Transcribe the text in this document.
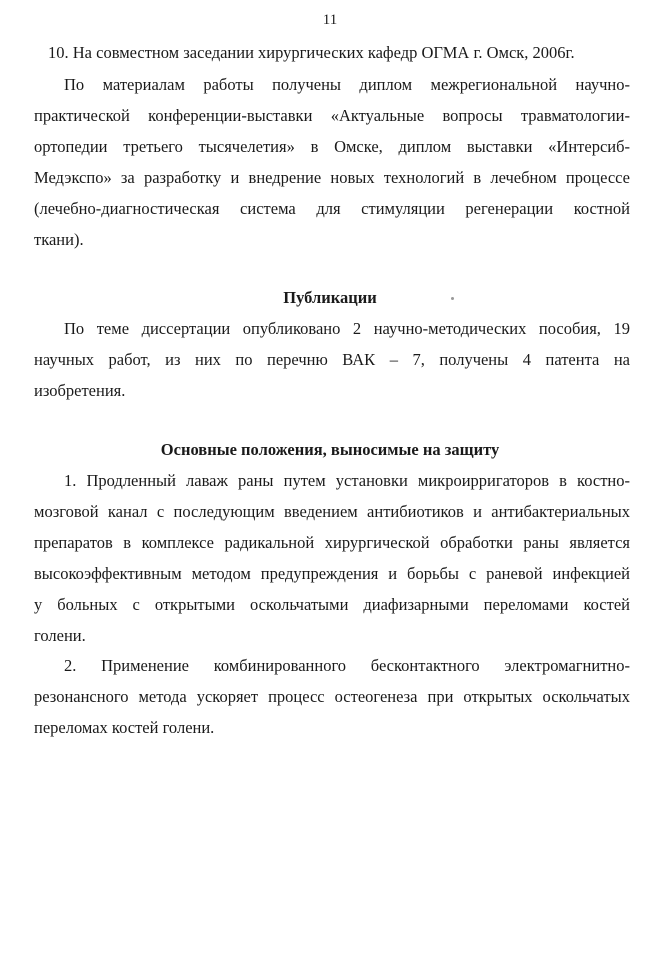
11
10. На совместном заседании хирургических кафедр ОГМА г. Омск, 2006г.
По материалам работы получены диплом межрегиональной научно-
практической конференции-выставки «Актуальные вопросы травматологии-
ортопедии третьего тысячелетия» в Омске, диплом выставки «Интерсиб-
Медэкспо» за разработку и внедрение новых технологий в лечебном процессе
(лечебно-диагностическая система для стимуляции регенерации костной
ткани).
Публикации
По теме диссертации опубликовано 2 научно-методических пособия, 19
научных работ, из них по перечню ВАК – 7, получены 4 патента на
изобретения.
Основные положения, выносимые на защиту
1. Продленный лаваж раны путем установки микроирригаторов в костно-
мозговой канал с последующим введением антибиотиков и антибактериальных
препаратов в комплексе радикальной хирургической обработки раны является
высокоэффективным методом предупреждения и борьбы с раневой инфекцией
у больных с открытыми оскольчатыми диафизарными переломами костей
голени.
2. Применение комбинированного бесконтактного электромагнитно-
резонансного метода ускоряет процесс остеогенеза при открытых оскольчатых
переломах костей голени.
